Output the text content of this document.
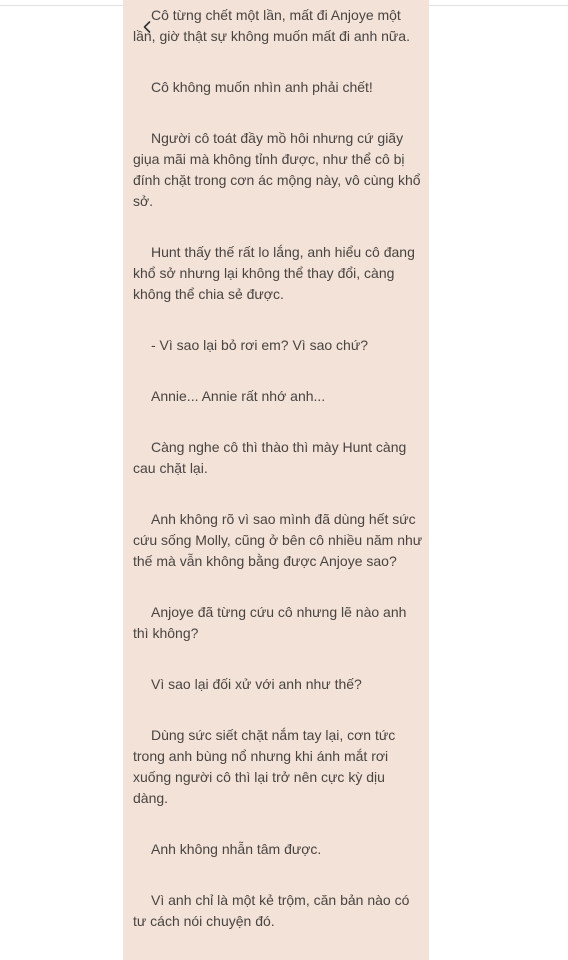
Cô từng chết một lần, mất đi Anjoye một lần, giờ thật sự không muốn mất đi anh nữa.

Cô không muốn nhìn anh phải chết!

Người cô toát đầy mồ hôi nhưng cứ giãy giụa mãi mà không tỉnh được, như thể cô bị đính chặt trong cơn ác mộng này, vô cùng khổ sở.

Hunt thấy thế rất lo lắng, anh hiểu cô đang khổ sở nhưng lại không thể thay đổi, càng không thể chia sẻ được.

- Vì sao lại bỏ rơi em? Vì sao chứ?

Annie... Annie rất nhớ anh...

Càng nghe cô thì thào thì mày Hunt càng cau chặt lại.

Anh không rõ vì sao mình đã dùng hết sức cứu sống Molly, cũng ở bên cô nhiều năm như thế mà vẫn không bằng được Anjoye sao?

Anjoye đã từng cứu cô nhưng lẽ nào anh thì không?

Vì sao lại đối xử với anh như thế?

Dùng sức siết chặt nắm tay lại, cơn tức trong anh bùng nổ nhưng khi ánh mắt rơi xuống người cô thì lại trở nên cực kỳ dịu dàng.

Anh không nhẫn tâm được.

Vì anh chỉ là một kẻ trộm, căn bản nào có tư cách nói chuyện đó.
